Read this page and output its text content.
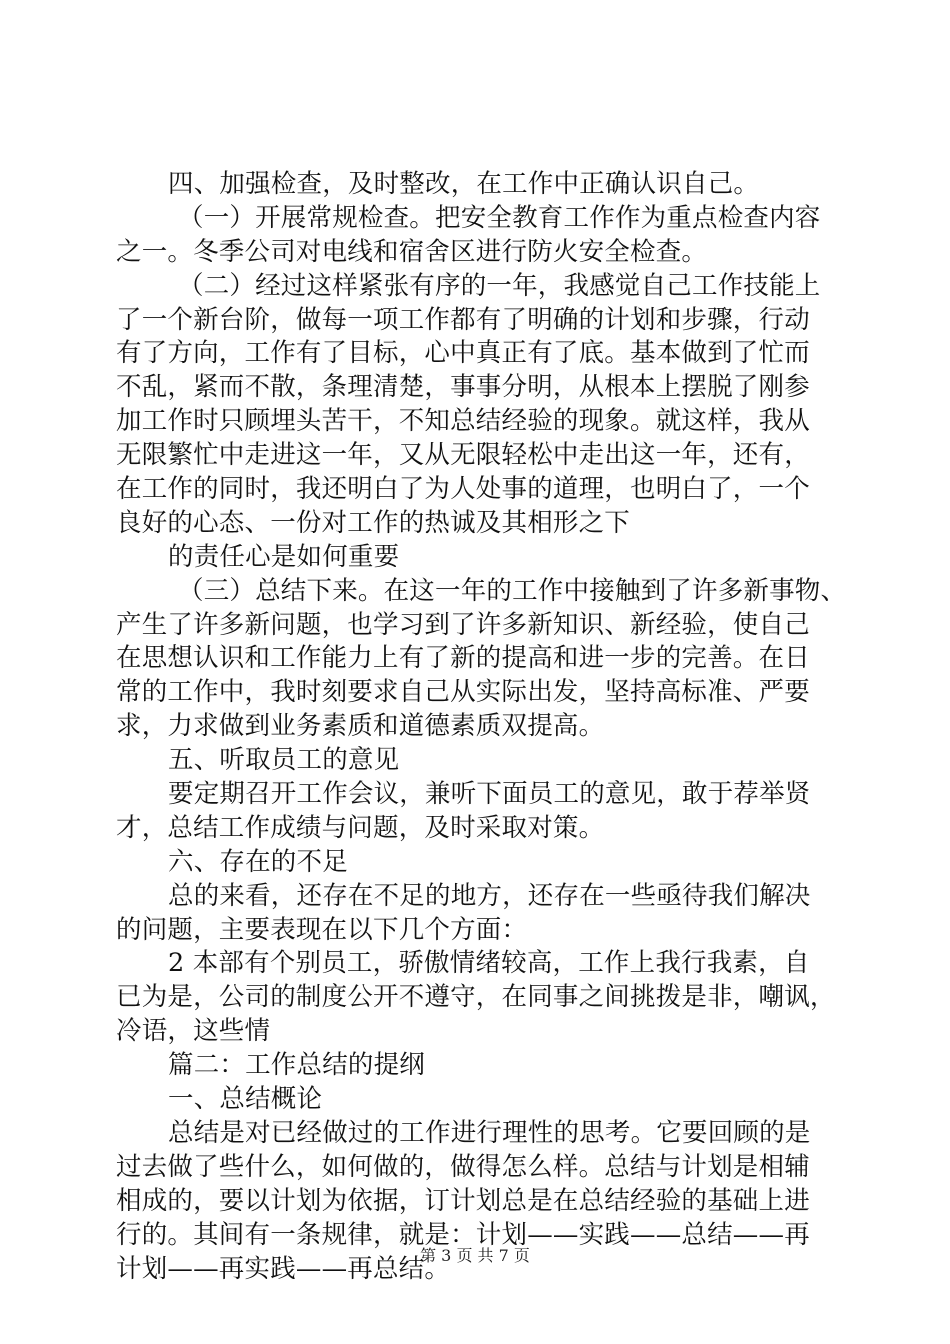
四、加强检查，及时整改，在工作中正确认识自己。
（一）开展常规检查。把安全教育工作作为重点检查内容
之一。冬季公司对电线和宿舍区进行防火安全检查。
（二）经过这样紧张有序的一年，我感觉自己工作技能上
了一个新台阶，做每一项工作都有了明确的计划和步骤，行动
有了方向，工作有了目标，心中真正有了底。基本做到了忙而
不乱，紧而不散，条理清楚，事事分明，从根本上摆脱了刚参
加工作时只顾埋头苦干，不知总结经验的现象。就这样，我从
无限繁忙中走进这一年，又从无限轻松中走出这一年，还有，
在工作的同时，我还明白了为人处事的道理，也明白了，一个
良好的心态、一份对工作的热诚及其相形之下
的责任心是如何重要
（三）总结下来。在这一年的工作中接触到了许多新事物、
产生了许多新问题，也学习到了许多新知识、新经验，使自己
在思想认识和工作能力上有了新的提高和进一步的完善。在日
常的工作中，我时刻要求自己从实际出发，坚持高标准、严要
求，力求做到业务素质和道德素质双提高。
五、听取员工的意见
要定期召开工作会议，兼听下面员工的意见，敢于荐举贤
才，总结工作成绩与问题，及时采取对策。
六、存在的不足
总的来看，还存在不足的地方，还存在一些亟待我们解决
的问题，主要表现在以下几个方面：
2 本部有个别员工，骄傲情绪较高，工作上我行我素，自
已为是，公司的制度公开不遵守，在同事之间挑拨是非，嘲讽，
冷语，这些情
篇二：工作总结的提纲
一、总结概论
总结是对已经做过的工作进行理性的思考。它要回顾的是
过去做了些什么，如何做的，做得怎么样。总结与计划是相辅
相成的，要以计划为依据，订计划总是在总结经验的基础上进
行的。其间有一条规律，就是：计划——实践——总结——再
计划——再实践——再总结。
第 3 页 共 7 页
